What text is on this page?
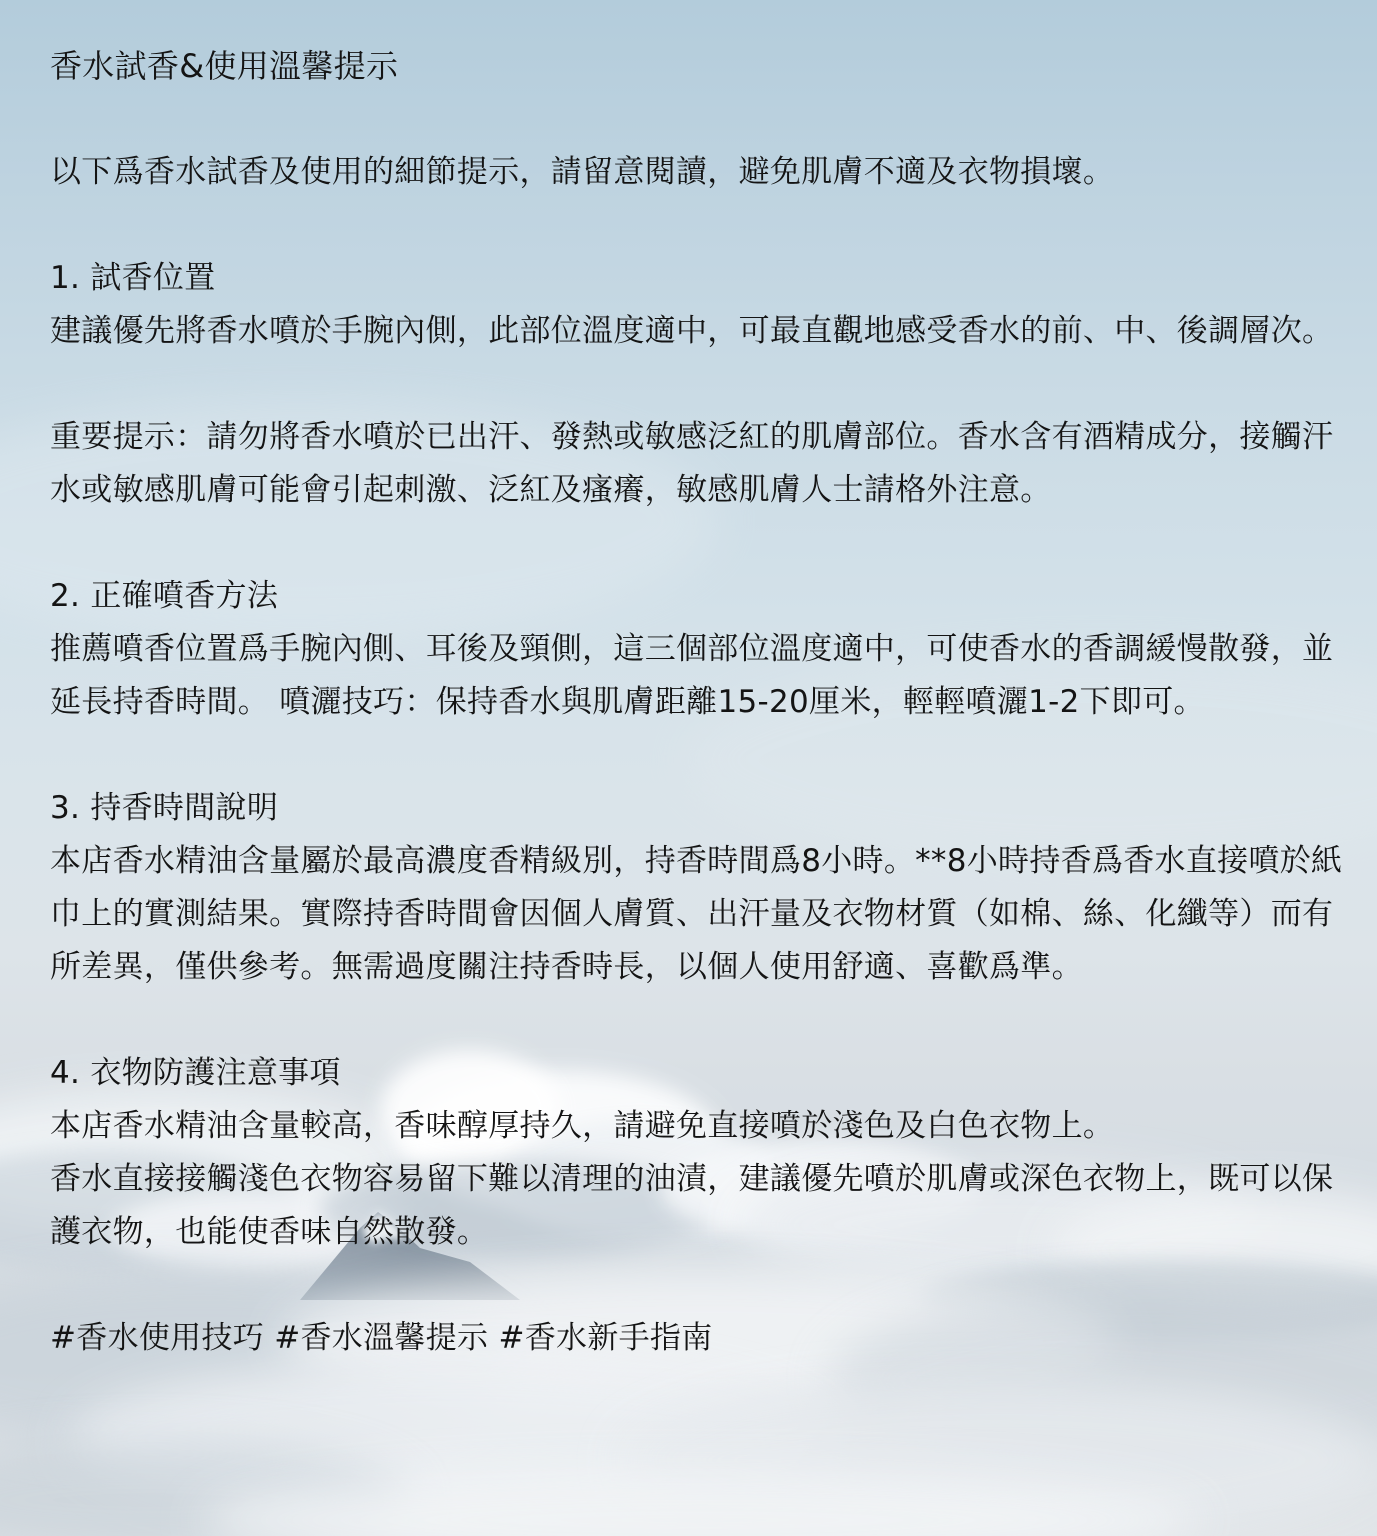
香水試香&使用溫馨提示

以下爲香水試香及使用的細節提示，請留意閱讀，避免肌膚不適及衣物損壞。

1. 試香位置

建議優先將香水噴於手腕內側，此部位溫度適中，可最直觀地感受香水的前、中、後調層次。

重要提示：請勿將香水噴於已出汗、發熱或敏感泛紅的肌膚部位。香水含有酒精成分，接觸汗水或敏感肌膚可能會引起刺激、泛紅及瘙癢，敏感肌膚人士請格外注意。

2. 正確噴香方法

推薦噴香位置爲手腕內側、耳後及頸側，這三個部位溫度適中，可使香水的香調緩慢散發，並延長持香時間。 噴灑技巧：保持香水與肌膚距離15-20厘米，輕輕噴灑1-2下即可。

3. 持香時間說明

本店香水精油含量屬於最高濃度香精級別，持香時間爲8小時。**8小時持香爲香水直接噴於紙巾上的實測結果。實際持香時間會因個人膚質、出汗量及衣物材質（如棉、絲、化纖等）而有所差異，僅供參考。無需過度關注持香時長，以個人使用舒適、喜歡爲準。

4. 衣物防護注意事項

本店香水精油含量較高，香味醇厚持久，請避免直接噴於淺色及白色衣物上。

香水直接接觸淺色衣物容易留下難以清理的油漬，建議優先噴於肌膚或深色衣物上，既可以保護衣物，也能使香味自然散發。

#香水使用技巧 #香水溫馨提示 #香水新手指南
